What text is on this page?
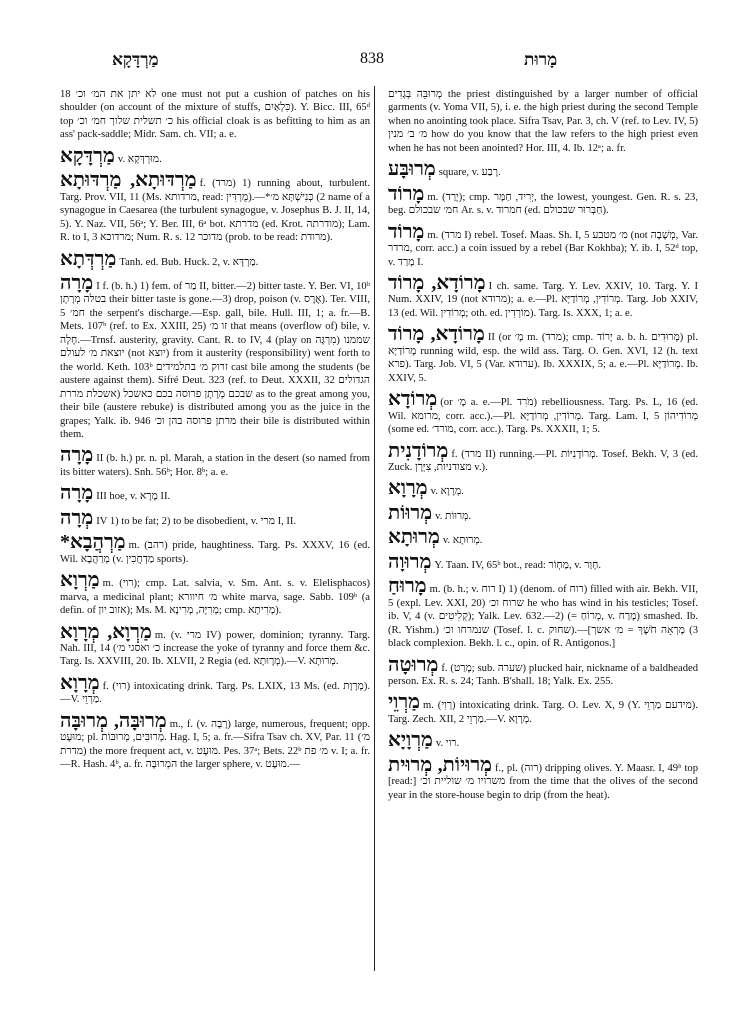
מַרְדָּקָא	838	מָרוּת

18 לא יתן את המ׳ וכ׳ one must not put a cushion of patches on his shoulder (on account of the mixture of stuffs, כִּלְאַיִם). Y. Bicc. III, 65ᵈ top כ׳ תשלית שלוך חמ׳ וכ׳ his official cloak is as befitting to him as an ass' pack-saddle; Midr. Sam. ch. VII; a. e.

מַרְדָּקָא v. מוּרְדְּקָא.

מַרְדּוּתָא, מַרְדּוּתָא f. (מרד) 1) running about, turbulent. Targ. Prov. VII, 11 (Ms. מרדותא, read: מֻרְדִּין).—*2) כְּנִישְׁתָּא מ׳ name of a synagogue in Caesarea (the turbulent synagogue, v. Josephus B. J. II, 14, 5). Y. Naz. VII, 56ᵃ; Y. Ber. III, 6ᵃ bot. מדרתא (ed. Krot. מודרתה); Lam. R. to I, 3 מרדוכא; Num. R. s. 12 מדוכר (prob. to be read: מרודת).

מַרְדְּתָא Tanh. ed. Bub. Huck. 2, v. מַרְדָּא.

מָרָה I f. (b. h.) 1) fem. of מַר II, bitter.—2) bitter taste. Y. Ber. VI, 10ᵇ בטלה מְרָתָן their bitter taste is gone.—3) drop, poison (v. אֶרֶס). Ter. VIII, 5 חמ׳ the serpent's discharge.—Esp. gall, bile. Hull. III, 1; a. fr.—B. Mets. 107ᵇ (ref. to Ex. XXIII, 25) זו מ׳ that means (overflow of) bile, v. חָלָה.—Trnsf. austerity, gravity. Cant. R. to IV, 4 (play on מִרְגָּה) שממנו יוצאת מ׳ לעולם (not יוצא) from it austerity (responsibility) went forth to the world. Keth. 103ᵇ זרוק מ׳ בתלמידים cast bile among the students (be austere against them). Sifré Deut. 323 (ref. to Deut. XXXII, 32 הגדולים שבכם מְרָתָן פרוסה בכם כאשכל (אשכלת מררת as to the great among you, their bile (austere rebuke) is distributed among you as the juice in the grapes; Yalk. ib. 946 מרתן פרוסה בהן וכ׳ their bile is distributed within them.

מָרָה II (b. h.) pr. n. pl. Marah, a station in the desert (so named from its bitter waters). Snh. 56ᵇ; Hor. 8ᵇ; a. e.

מָרָה III hoe, v. מָרָא II.

מְרָה IV 1) to be fat; 2) to be disobedient, v. מרי I, II.

*מַרְהֲבָא m. (רהב) pride, haughtiness. Targ. Ps. XXXV, 16 (ed. Wil. מְרַהֲבָא (v. מַדְחֲכִין sports).

מַרְוָא m. (רוי); cmp. Lat. salvia, v. Sm. Ant. s. v. Elelisphacos) marva, a medicinal plant; מ׳ חיוורא white marva, sage. Sabb. 109ᵇ (a defin. of אזוב יון); Ms. M. מְרִיָּה, מְרִינָא; cmp. מְרִיתָא).

מַרְוָא, מְרָוָא m. (v. מרי IV) power, dominion; tyranny. Targ. Nah. III, 14 (כ׳ ואסגי מ׳ increase the yoke of tyranny and force them &c. Targ. Is. XXVIII, 20. Ib. XLVII, 2 Regia (ed. מְרָוּתָא).—V. מְרוּתָא.

מְרָוָא f. (רוי) intoxicating drink. Targ. Ps. LXIX, 13 Ms. (ed. מְרָוָת).—V. מַרְוֵי.

מְרוּבָּה, מְרוּבָּה m., f. (v. רָבָה) large, numerous, frequent; opp. מוּעָט; pl. מְרוּבִּים, מְרוּבּוֹת. Hag. I, 5; a. fr.—Sifra Tsav ch. XV, Par. 11 (מ׳ מדרת) the more frequent act, v. מוּעָט. Pes. 37ᵃ; Bets. 22ᵇ ‏מ׳ פת v. ‏I; a. fr.—R. Hash. 4ᵇ, a. fr. המְרוּבָּה the larger sphere, v. מוּעָט.—

מְרוּבֵּה בְּגָדִים the priest distinguished by a larger number of official garments (v. Yoma VII, 5), i. e. the high priest during the second Temple when no anointing took place. Sifra Tsav, Par. 3, ch. V (ref. to Lev. IV, 5) מ׳ ב׳ מנין how do you know that the law refers to the high priest even when he has not been anointed? Hor. III, 4. Ib. 12ᵃ; a. fr.

מְרוּבָּע square, v. רָבַע.

מָרוֹד m. (יָרַד); cmp. יְרִיד, חַמָּר, the lowest, youngest. Gen. R. s. 23, beg. חמ׳ שבכולם Ar. s. v. חמרוד (ed. חַבְּרוּר שבכולם).

מָרוֹד m. (מרד I) rebel. Tosef. Maas. Sh. I, 5 ‏מ׳ מטבע (not ‏מְשָׁבָה, Var. ‏מרדר, corr. acc.) a coin issued by a rebel (Bar Kokhba); Y. ib. I, 52ᵈ top, v. מָרַד I.

מָרוֹדָא, מָרוֹד I ch. same. Targ. Y. Lev. XXIV, 10. Targ. Y. I Num. XXIV, 19 (not מרודא); a. e.—Pl. מְרוֹדִין, מְרוֹדַיָּא. Targ. Job XXIV, 13 (ed. Wil. מְרוֹדִין; oth. ed. מוֹרְדִין). Targ. Is. XXX, 1; a. e.

מָרוֹדָא, מָרוֹד II (or מָ׳ m. (מרד); cmp. יָרוֹד a. b. h. מְרוּדִים) pl. מָרוֹדַיָּא running wild, esp. the wild ass. Targ. O. Gen. XVI, 12 (h. text פרא). Targ. Job. VI, 5 (Var. ערודא). Ib. XXXIX, 5; a. e.—Pl. מְרוֹדַיָּא. Ib. XXIV, 5.

מְרוֹדָא (or מָ׳ a. e.—Pl. מֹרִד) rebelliousness. Targ. Ps. L, 16 (ed. Wil. מרומא, corr. acc.).—Pl. מְרוֹדִין, מְרוֹדַיָּא. Targ. Lam. I, 5 מְרוֹדִיהוֹן (some ed. מורד׳, corr. acc.). Targ. Ps. XXXII, 1; 5.

מְרוֹדָנִית f. (מרד II) running.—Pl. מְרוֹדָנִיּוֹת. Tosef. Bekh. V, 3 (ed. Zuck. מצודניות, צִיְּרָן v.).

מְרָוָא v. מְרָוָא.

מְרוּוֹת v. מְרוּוֹת.

מְרוּתָא v. מְרוּתָא.

מְרוּוָה Y. Taan. IV, 65ᵇ bot., read: מַחְוֹר, v. חָוַר.

מָרוּחַ m. (b. h.; v. רוח I) 1) (denom. of רוח) filled with air. Bekh. VII, 5 (expl. Lev. XXI, 20) שרוח וכ׳ he who has wind in his testicles; Tosef. ib. V, 4 (v. קְלִיטִים); Yalk. Lev. 632.—2) (= מְרוֹחַ, v. מָרַח) smashed. Ib. (R. Yishm.) שנמרחו וכ׳ (Tosef. l. c. שחוק).—[3) מָרְאָה חֹשֶׁךְ = מ׳ אשך black complexion. Bekh. l. c., opin. of R. Antigonos.]

מְרוּטָה f. (מָרַט; sub. שערה) plucked hair, nickname of a baldheaded person. Ex. R. s. 24; Tanh. B'shall. 18; Yalk. Ex. 255.

מַרְוֵי m. (רְוִי) intoxicating drink. Targ. O. Lev. X, 9 (Y. מידעם מַרְוֵי). Targ. Zech. XII, 2 מַרְוֵי.—V. מְרָוָא.

מַרְוָיָא v. רוי.

מְרוּיוֹת, מְרוּית f., pl. (רוה) dripping olives. Y. Maasr. I, 49ᵇ top [read:] משרויו מ׳ ‏שוליית וכ׳ from the time that the olives of the second year in the store-house begin to drip (from the heat).
